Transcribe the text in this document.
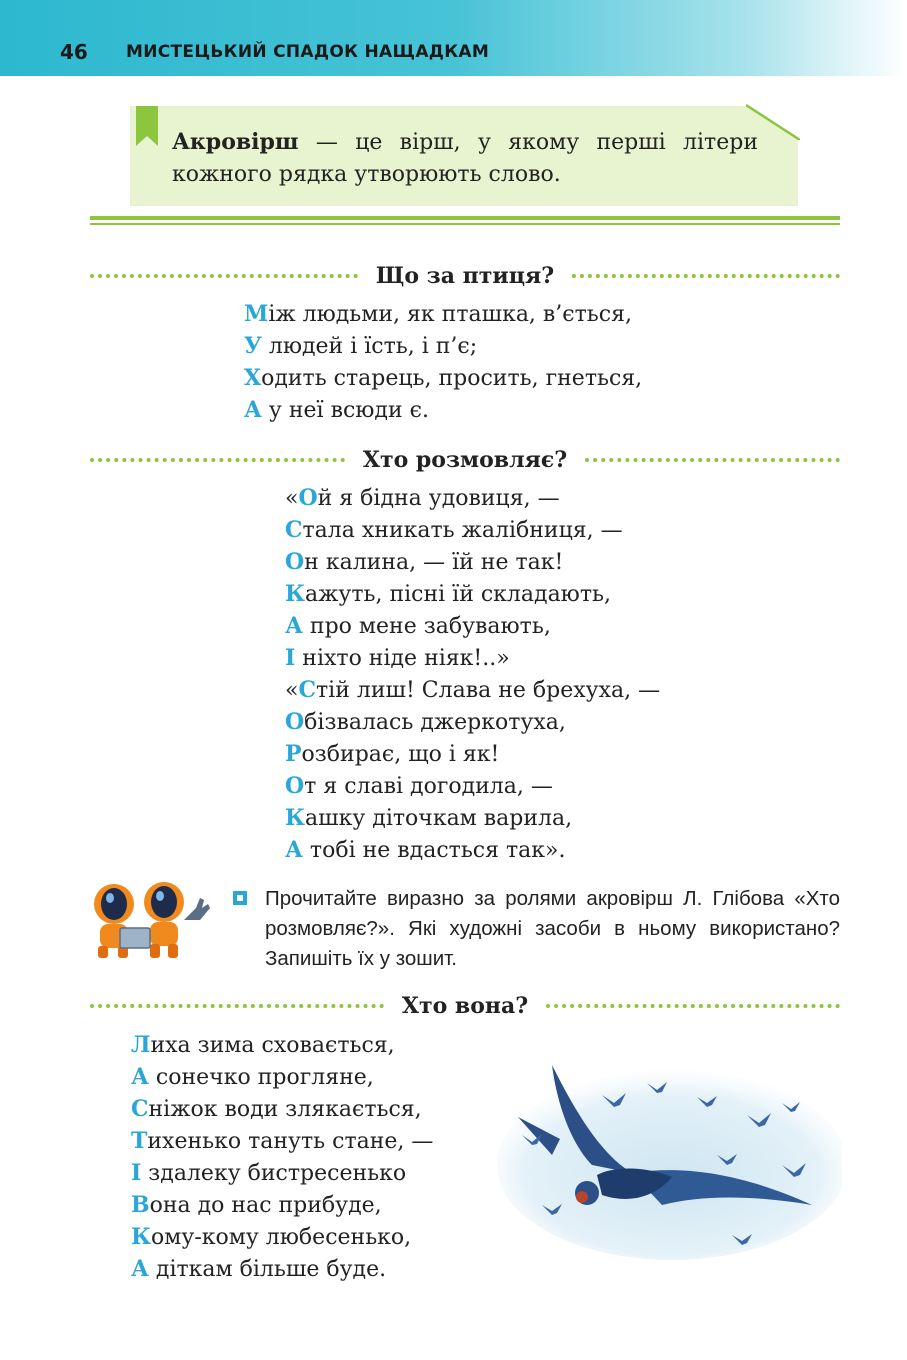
46 МИСТЕЦЬКИЙ СПАДОК НАЩАДКАМ
Акровірш — це вірш, у якому перші літери кожного рядка утворюють слово.
Що за птиця?
Між людьми, як пташка, в’ється,
У людей і їсть, і п’є;
Ходить старець, просить, гнеться,
А у неї всюди є.
Хто розмовляє?
«Ой я бідна удовиця, —
Стала хникать жалібниця, —
Он калина, — їй не так!
Кажуть, пісні їй складають,
А про мене забувають,
І ніхто ніде ніяк!..»
«Стій лиш! Слава не брехуха, —
Обізвалась джеркотуха,
Розбирає, що і як!
От я славі догодила, —
Кашку діточкам варила,
А тобі не вдасться так».
Прочитайте виразно за ролями акровірш Л. Глібова «Хто розмовляє?». Які художні засоби в ньому використано? Запишіть їх у зошит.
Хто вона?
Лиха зима сховається,
А сонечко прогляне,
Сніжок води злякається,
Тихенько тануть стане, —
І здалеку бистресенько
Вона до нас прибуде,
Кому-кому любесенько,
А діткам більше буде.
